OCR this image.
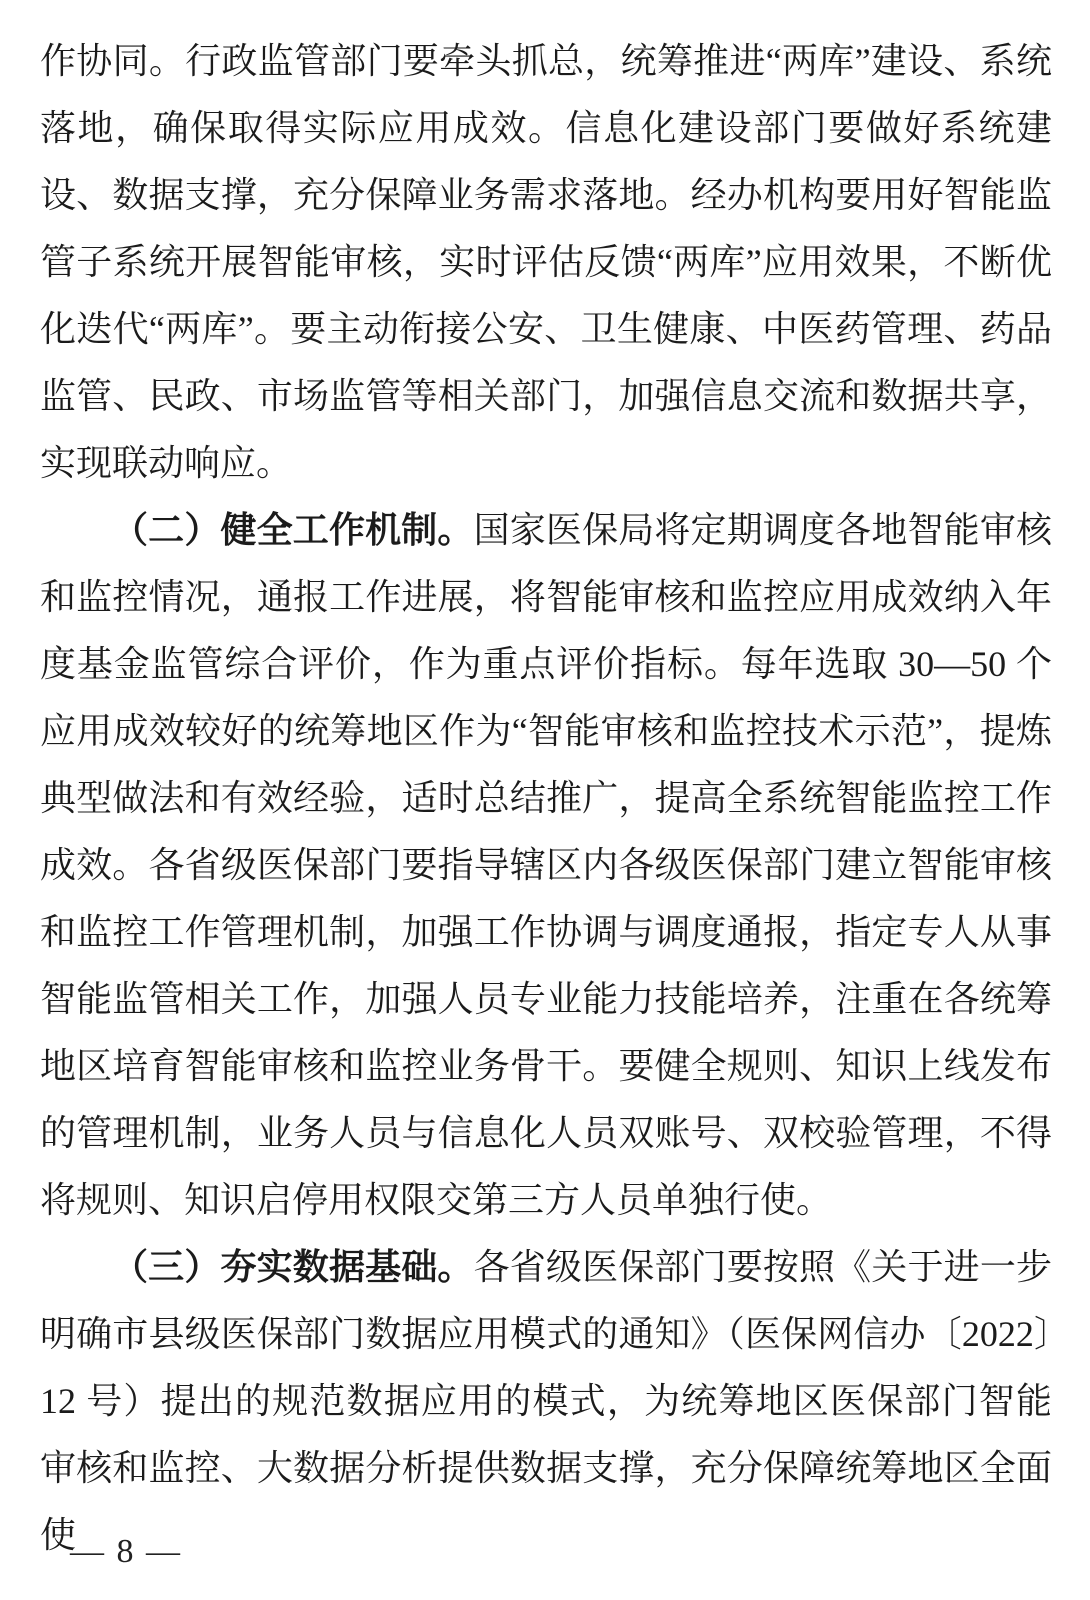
作协同。行政监管部门要牵头抓总，统筹推进“两库”建设、系统落地，确保取得实际应用成效。信息化建设部门要做好系统建设、数据支撑，充分保障业务需求落地。经办机构要用好智能监管子系统开展智能审核，实时评估反馈“两库”应用效果，不断优化迭代“两库”。要主动衔接公安、卫生健康、中医药管理、药品监管、民政、市场监管等相关部门，加强信息交流和数据共享，实现联动响应。

（二）健全工作机制。国家医保局将定期调度各地智能审核和监控情况，通报工作进展，将智能审核和监控应用成效纳入年度基金监管综合评价，作为重点评价指标。每年选取 30—50 个应用成效较好的统筹地区作为“智能审核和监控技术示范”，提炼典型做法和有效经验，适时总结推广，提高全系统智能监控工作成效。各省级医保部门要指导辖区内各级医保部门建立智能审核和监控工作管理机制，加强工作协调与调度通报，指定专人从事智能监管相关工作，加强人员专业能力技能培养，注重在各统筹地区培育智能审核和监控业务骨干。要健全规则、知识上线发布的管理机制，业务人员与信息化人员双账号、双校验管理，不得将规则、知识启停用权限交第三方人员单独行使。

（三）夯实数据基础。各省级医保部门要按照《关于进一步明确市县级医保部门数据应用模式的通知》（医保网信办〔2022〕12 号）提出的规范数据应用的模式，为统筹地区医保部门智能审核和监控、大数据分析提供数据支撑，充分保障统筹地区全面使

— 8 —
